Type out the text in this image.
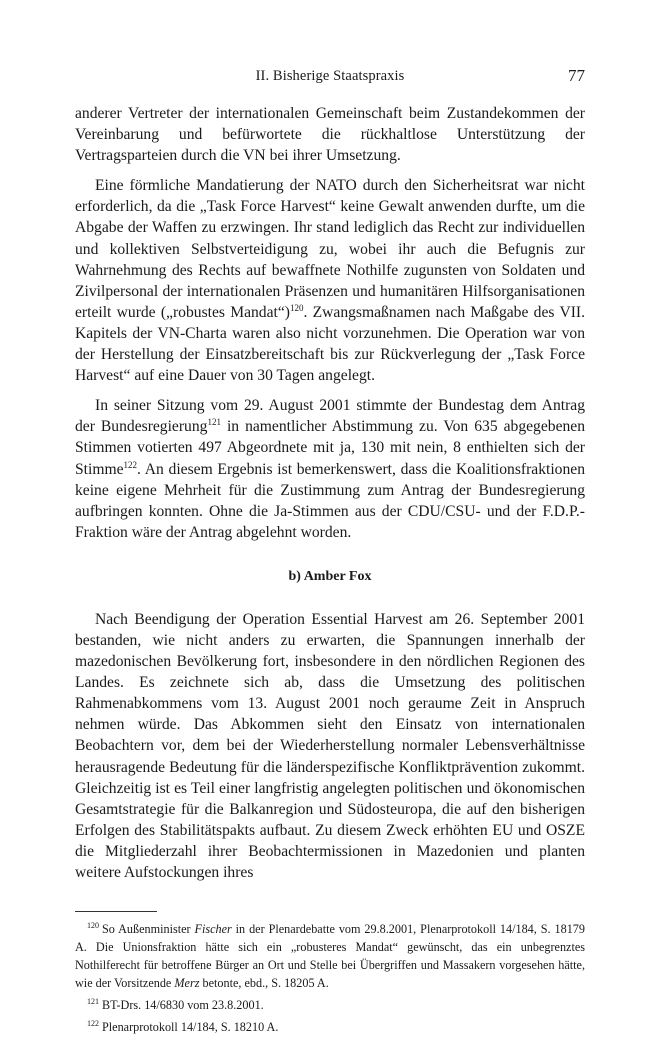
II. Bisherige Staatspraxis	77

anderer Vertreter der internationalen Gemeinschaft beim Zustandekommen der Vereinbarung und befürwortete die rückhaltlose Unterstützung der Vertragsparteien durch die VN bei ihrer Umsetzung.

Eine förmliche Mandatierung der NATO durch den Sicherheitsrat war nicht erforderlich, da die „Task Force Harvest“ keine Gewalt anwenden durfte, um die Abgabe der Waffen zu erzwingen. Ihr stand lediglich das Recht zur individuellen und kollektiven Selbstverteidigung zu, wobei ihr auch die Befugnis zur Wahrnehmung des Rechts auf bewaffnete Nothilfe zugunsten von Soldaten und Zivilpersonal der internationalen Präsenzen und humanitären Hilfsorganisationen erteilt wurde („robustes Mandat“)$^{120}$. Zwangsmaßnamen nach Maßgabe des VII. Kapitels der VN-Charta waren also nicht vorzunehmen. Die Operation war von der Herstellung der Einsatzbereitschaft bis zur Rückverlegung der „Task Force Harvest“ auf eine Dauer von 30 Tagen angelegt.

In seiner Sitzung vom 29. August 2001 stimmte der Bundestag dem Antrag der Bundesregierung$^{121}$ in namentlicher Abstimmung zu. Von 635 abgegebenen Stimmen votierten 497 Abgeordnete mit ja, 130 mit nein, 8 enthielten sich der Stimme$^{122}$. An diesem Ergebnis ist bemerkenswert, dass die Koalitionsfraktionen keine eigene Mehrheit für die Zustimmung zum Antrag der Bundesregierung aufbringen konnten. Ohne die Ja-Stimmen aus der CDU/CSU- und der F.D.P.-Fraktion wäre der Antrag abgelehnt worden.

b) Amber Fox

Nach Beendigung der Operation Essential Harvest am 26. September 2001 bestanden, wie nicht anders zu erwarten, die Spannungen innerhalb der mazedonischen Bevölkerung fort, insbesondere in den nördlichen Regionen des Landes. Es zeichnete sich ab, dass die Umsetzung des politischen Rahmenabkommens vom 13. August 2001 noch geraume Zeit in Anspruch nehmen würde. Das Abkommen sieht den Einsatz von internationalen Beobachtern vor, dem bei der Wiederherstellung normaler Lebensverhältnisse herausragende Bedeutung für die länderspezifische Konfliktprävention zukommt. Gleichzeitig ist es Teil einer langfristig angelegten politischen und ökonomischen Gesamtstrategie für die Balkanregion und Südosteuropa, die auf den bisherigen Erfolgen des Stabilitätspakts aufbaut. Zu diesem Zweck erhöhten EU und OSZE die Mitgliederzahl ihrer Beobachtermissionen in Mazedonien und planten weitere Aufstockungen ihres

$^{120}$ So Außenminister Fischer in der Plenardebatte vom 29.8.2001, Plenarprotokoll 14/184, S. 18179 A. Die Unionsfraktion hätte sich ein „robusteres Mandat“ gewünscht, das ein unbegrenztes Nothilferecht für betroffene Bürger an Ort und Stelle bei Übergriffen und Massakern vorgesehen hätte, wie der Vorsitzende Merz betonte, ebd., S. 18205 A.
$^{121}$ BT-Drs. 14/6830 vom 23.8.2001.
$^{122}$ Plenarprotokoll 14/184, S. 18210 A.
